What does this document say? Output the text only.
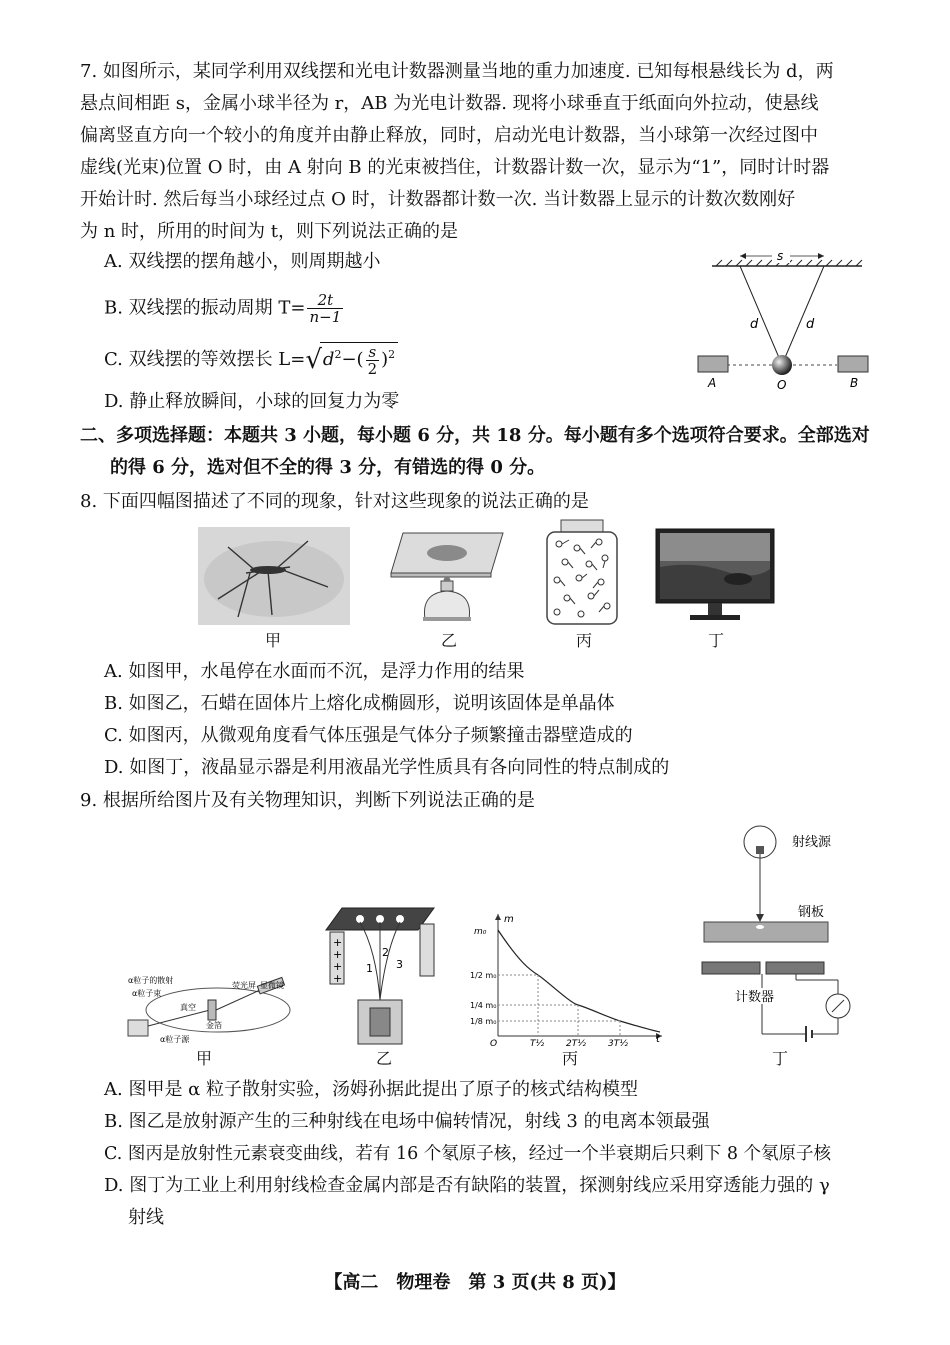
7. 如图所示，某同学利用双线摆和光电计数器测量当地的重力加速度. 已知每根悬线长为 d，两
悬点间相距 s，金属小球半径为 r，AB 为光电计数器. 现将小球垂直于纸面向外拉动，使悬线
偏离竖直方向一个较小的角度并由静止释放，同时，启动光电计数器，当小球第一次经过图中
虚线(光束)位置 O 时，由 A 射向 B 的光束被挡住，计数器计数一次，显示为“1”，同时计时器
开始计时. 然后每当小球经过点 O 时，计数器都计数一次. 当计数器上显示的计数次数刚好
为 n 时，所用的时间为 t，则下列说法正确的是
A. 双线摆的摆角越小，则周期越小
B. 双线摆的振动周期 $T= \frac{2t}{n-1}$
C. 双线摆的等效摆长 $L=√d^2-( \frac{s}{2} )^2$
D. 静止释放瞬间，小球的回复力为零
s
d	d
A	O	B
二、多项选择题：本题共 3 小题，每小题 6 分，共 18 分。每小题有多个选项符合要求。全部选对
的得 6 分，选对但不全的得 3 分，有错选的得 0 分。
8. 下面四幅图描述了不同的现象，针对这些现象的说法正确的是
甲	乙	丙	丁
A. 如图甲，水黾停在水面而不沉，是浮力作用的结果
B. 如图乙，石蜡在固体片上熔化成椭圆形，说明该固体是单晶体
C. 如图丙，从微观角度看气体压强是气体分子频繁撞击器壁造成的
D. 如图丁，液晶显示器是利用液晶光学性质具有各向同性的特点制成的
9. 根据所给图片及有关物理知识，判断下列说法正确的是
α粒子的散射
α粒子束
真空
金箔
荧光屏 显微镜
α粒子源
甲
+
+
+
+
1
2
3
乙
m
t
O
m₀
1/2 m₀
1/4 m₀
1/8 m₀
T½ 2T½ 3T½
丙
射线源
钢板
计数器
丁
A. 图甲是 α 粒子散射实验，汤姆孙据此提出了原子的核式结构模型
B. 图乙是放射源产生的三种射线在电场中偏转情况，射线 3 的电离本领最强
C. 图丙是放射性元素衰变曲线，若有 16 个氡原子核，经过一个半衰期后只剩下 8 个氡原子核
D. 图丁为工业上利用射线检查金属内部是否有缺陷的装置，探测射线应采用穿透能力强的 γ
射线
【高二　物理卷　第 3 页(共 8 页)】
